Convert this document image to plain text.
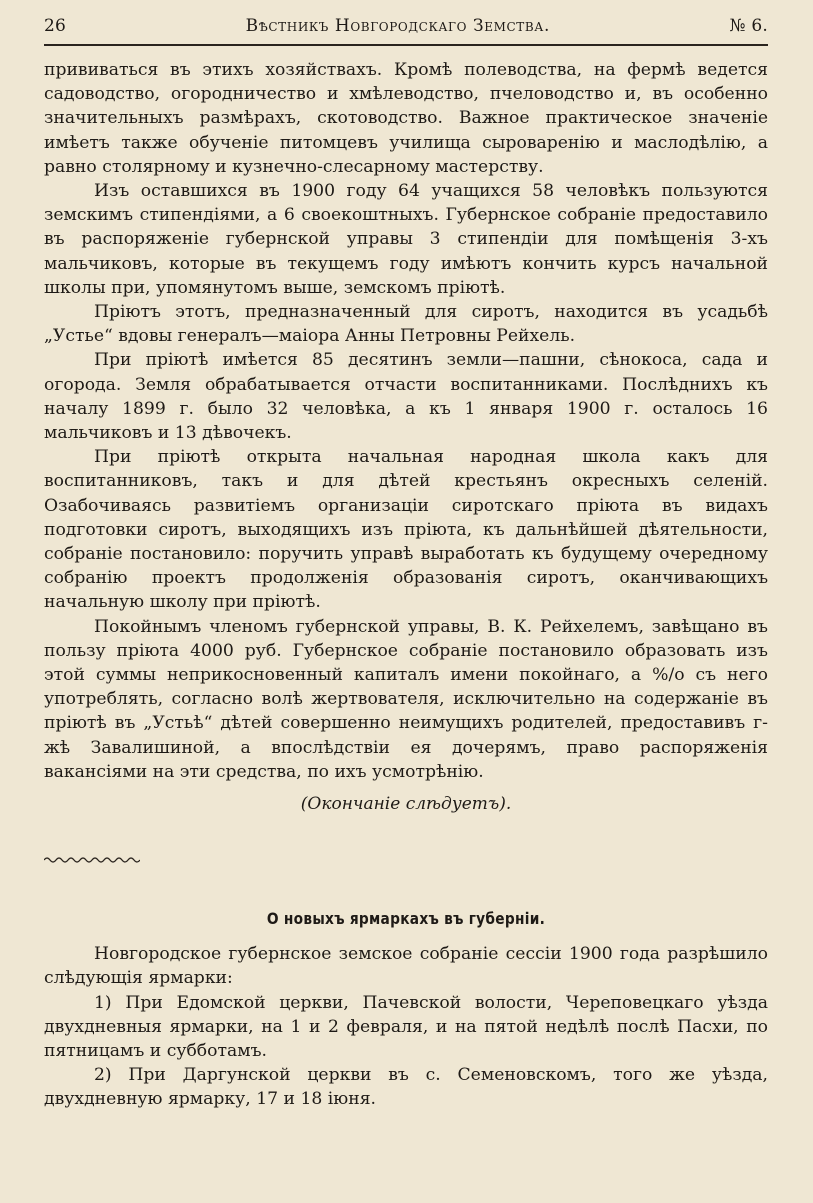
26	Вѣстникъ Новгородскаго Земства.	№ 6.

прививаться въ этихъ хозяйствахъ. Кромѣ полеводства, на фермѣ ведется садоводство, огородничество и хмѣлеводство, пчеловодство и, въ особенно значительныхъ размѣрахъ, скотоводство. Важное практическое значеніе имѣетъ также обученіе питомцевъ училища сыроваренію и маслодѣлію, а равно столярному и кузнечно-слесарному мастерству.

Изъ оставшихся въ 1900 году 64 учащихся 58 человѣкъ пользуются земскимъ стипендіями, а 6 своекоштныхъ. Губернское собраніе предоставило въ распоряженіе губернской управы 3 стипендіи для помѣщенія 3-хъ мальчиковъ, которые въ текущемъ году имѣютъ кончить курсъ начальной школы при, упомянутомъ выше, земскомъ пріютѣ.

Пріютъ этотъ, предназначенный для сиротъ, находится въ усадьбѣ „Устье“ вдовы генералъ—маіора Анны Петровны Рейхель.

При пріютѣ имѣется 85 десятинъ земли—пашни, сѣнокоса, сада и огорода. Земля обрабатывается отчасти воспитанниками. Послѣднихъ къ началу 1899 г. было 32 человѣка, а къ 1 января 1900 г. осталось 16 мальчиковъ и 13 дѣвочекъ.

При пріютѣ открыта начальная народная школа какъ для воспитанниковъ, такъ и для дѣтей крестьянъ окресныхъ селеній. Озабочиваясь развитіемъ организаціи сиротскаго пріюта въ видахъ подготовки сиротъ, выходящихъ изъ пріюта, къ дальнѣйшей дѣятельности, собраніе постановило: поручить управѣ выработать къ будущему очередному собранію проектъ продолженія образованія сиротъ, оканчивающихъ начальную школу при пріютѣ.

Покойнымъ членомъ губернской управы, В. К. Рейхелемъ, завѣщано въ пользу пріюта 4000 руб. Губернское собраніе постановило образовать изъ этой суммы неприкосновенный капиталъ имени покойнаго, а %/о съ него употреблять, согласно волѣ жертвователя, исключительно на содержаніе въ пріютѣ въ „Устьѣ“ дѣтей совершенно неимущихъ родителей, предоставивъ г-жѣ Завалишиной, а впослѣдствіи ея дочерямъ, право распоряженія вакансіями на эти средства, по ихъ усмотрѣнію.

(Окончаніе слѣдуетъ).
О новыхъ ярмаркахъ въ губерніи.

Новгородское губернское земское собраніе сессіи 1900 года разрѣшило слѣдующія ярмарки:

1) При Едомской церкви, Пачевской волости, Череповецкаго уѣзда двухдневныя ярмарки, на 1 и 2 февраля, и на пятой недѣлѣ послѣ Пасхи, по пятницамъ и субботамъ.

2) При Даргунской церкви въ с. Семеновскомъ, того же уѣзда, двухдневную ярмарку, 17 и 18 іюня.
